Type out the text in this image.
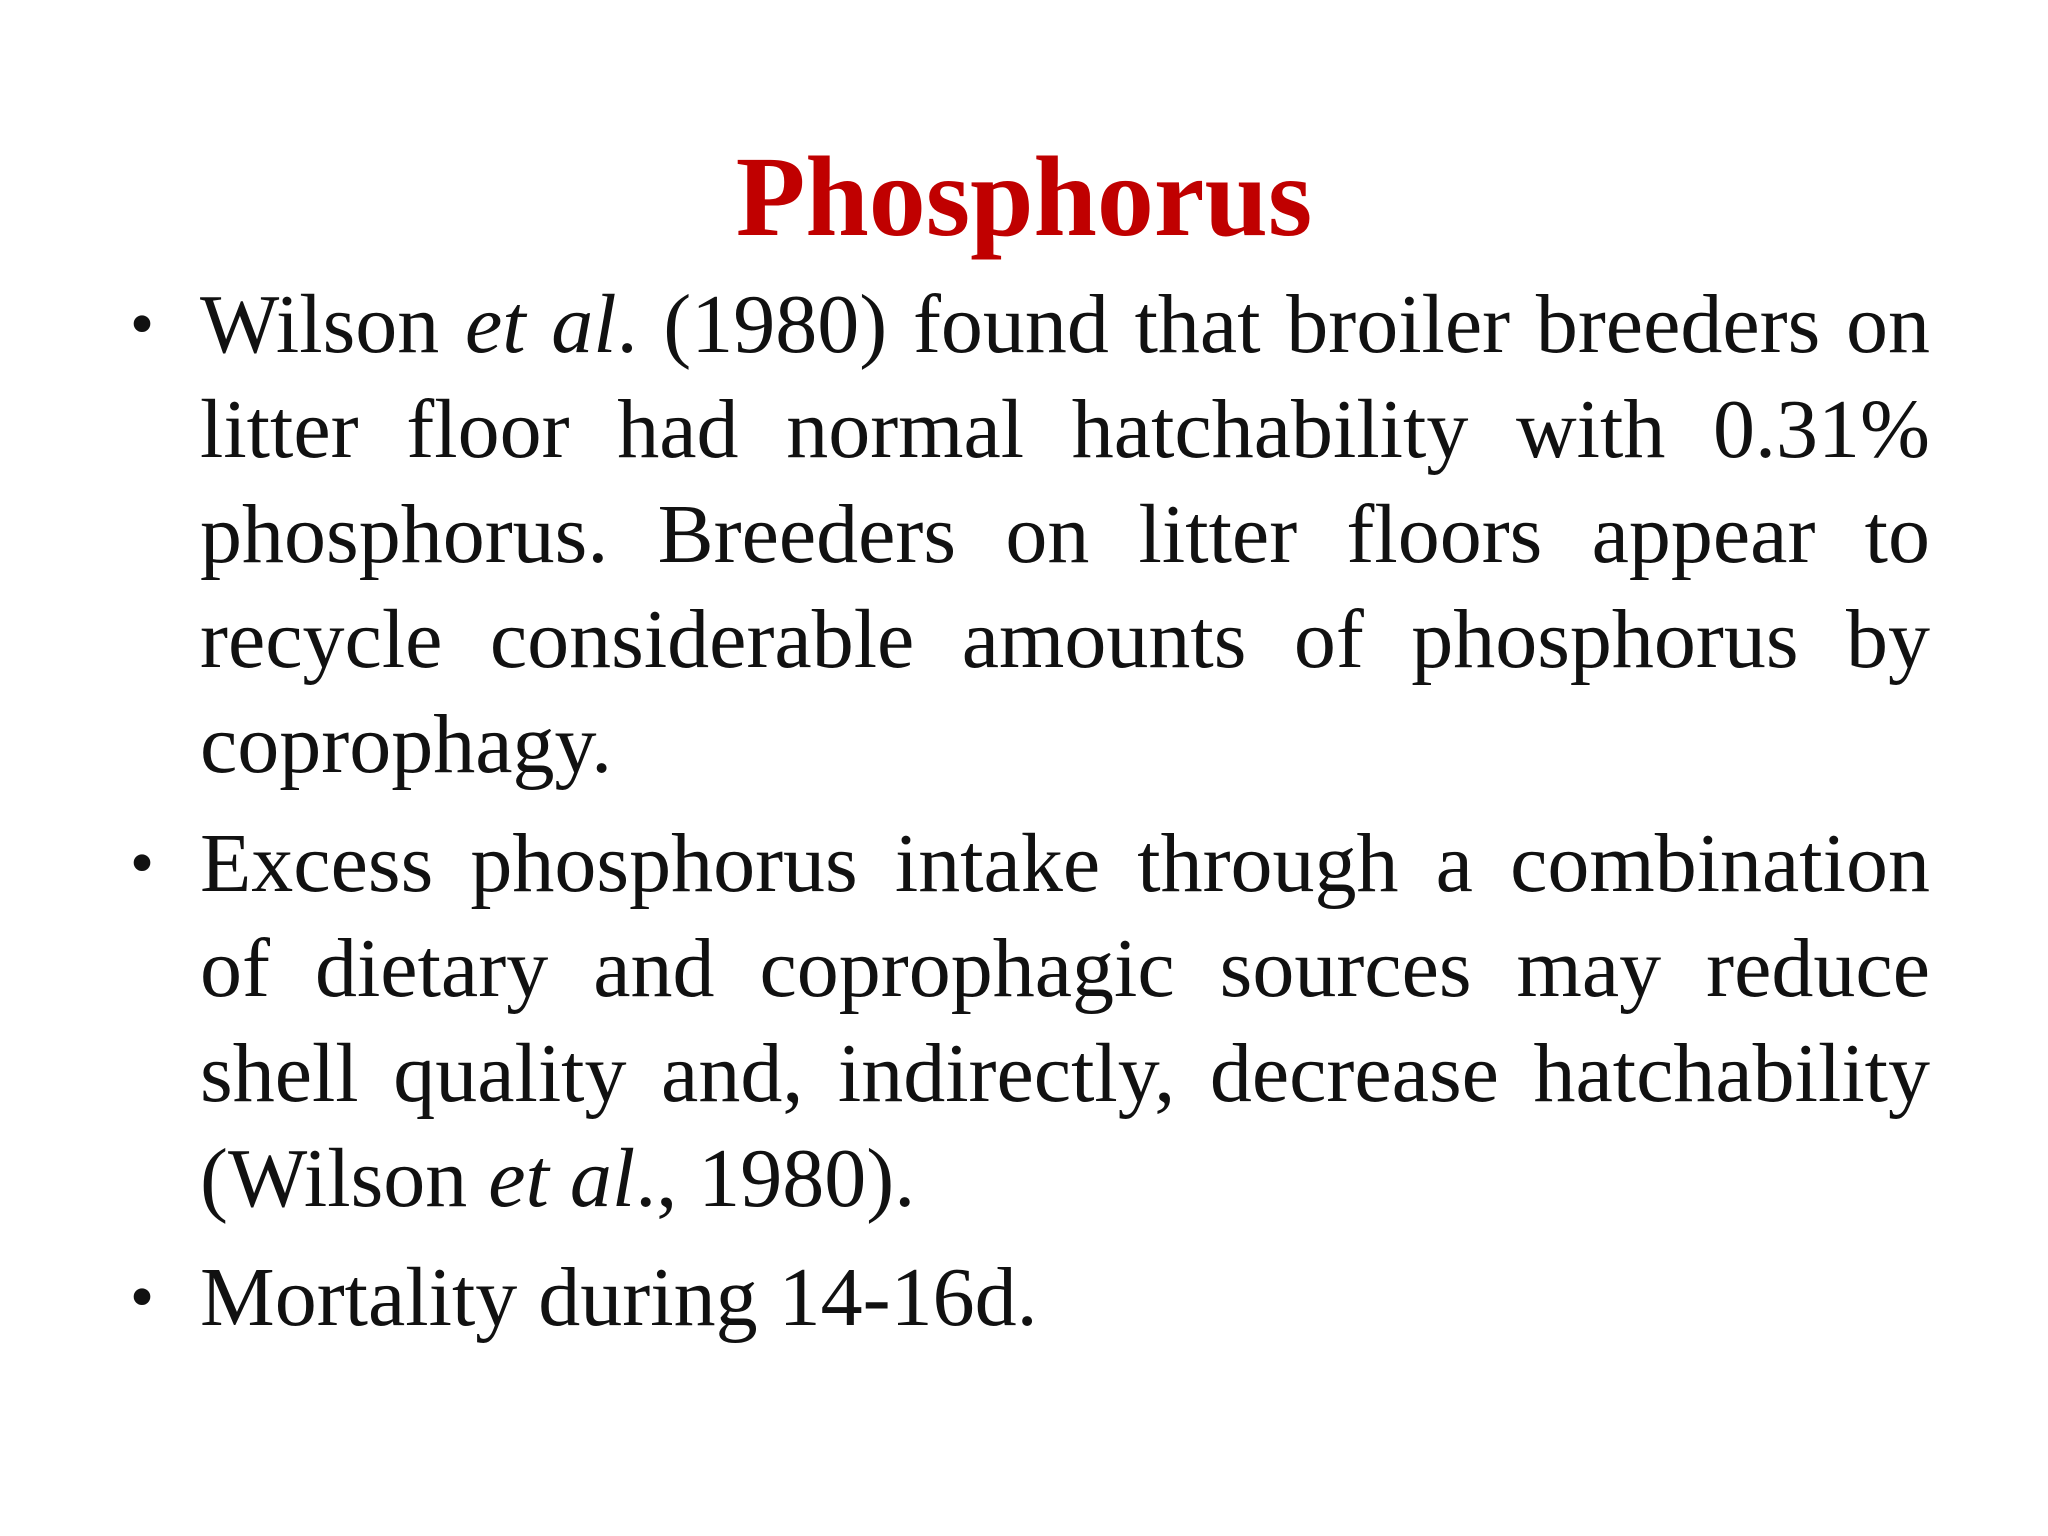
Phosphorus
• Wilson et al. (1980) found that broiler breeders on litter floor had normal hatchability with 0.31% phosphorus. Breeders on litter floors appear to recycle considerable amounts of phosphorus by coprophagy.
• Excess phosphorus intake through a combination of dietary and coprophagic sources may reduce shell quality and, indirectly, decrease hatchability (Wilson et al., 1980).
• Mortality during 14-16d.
